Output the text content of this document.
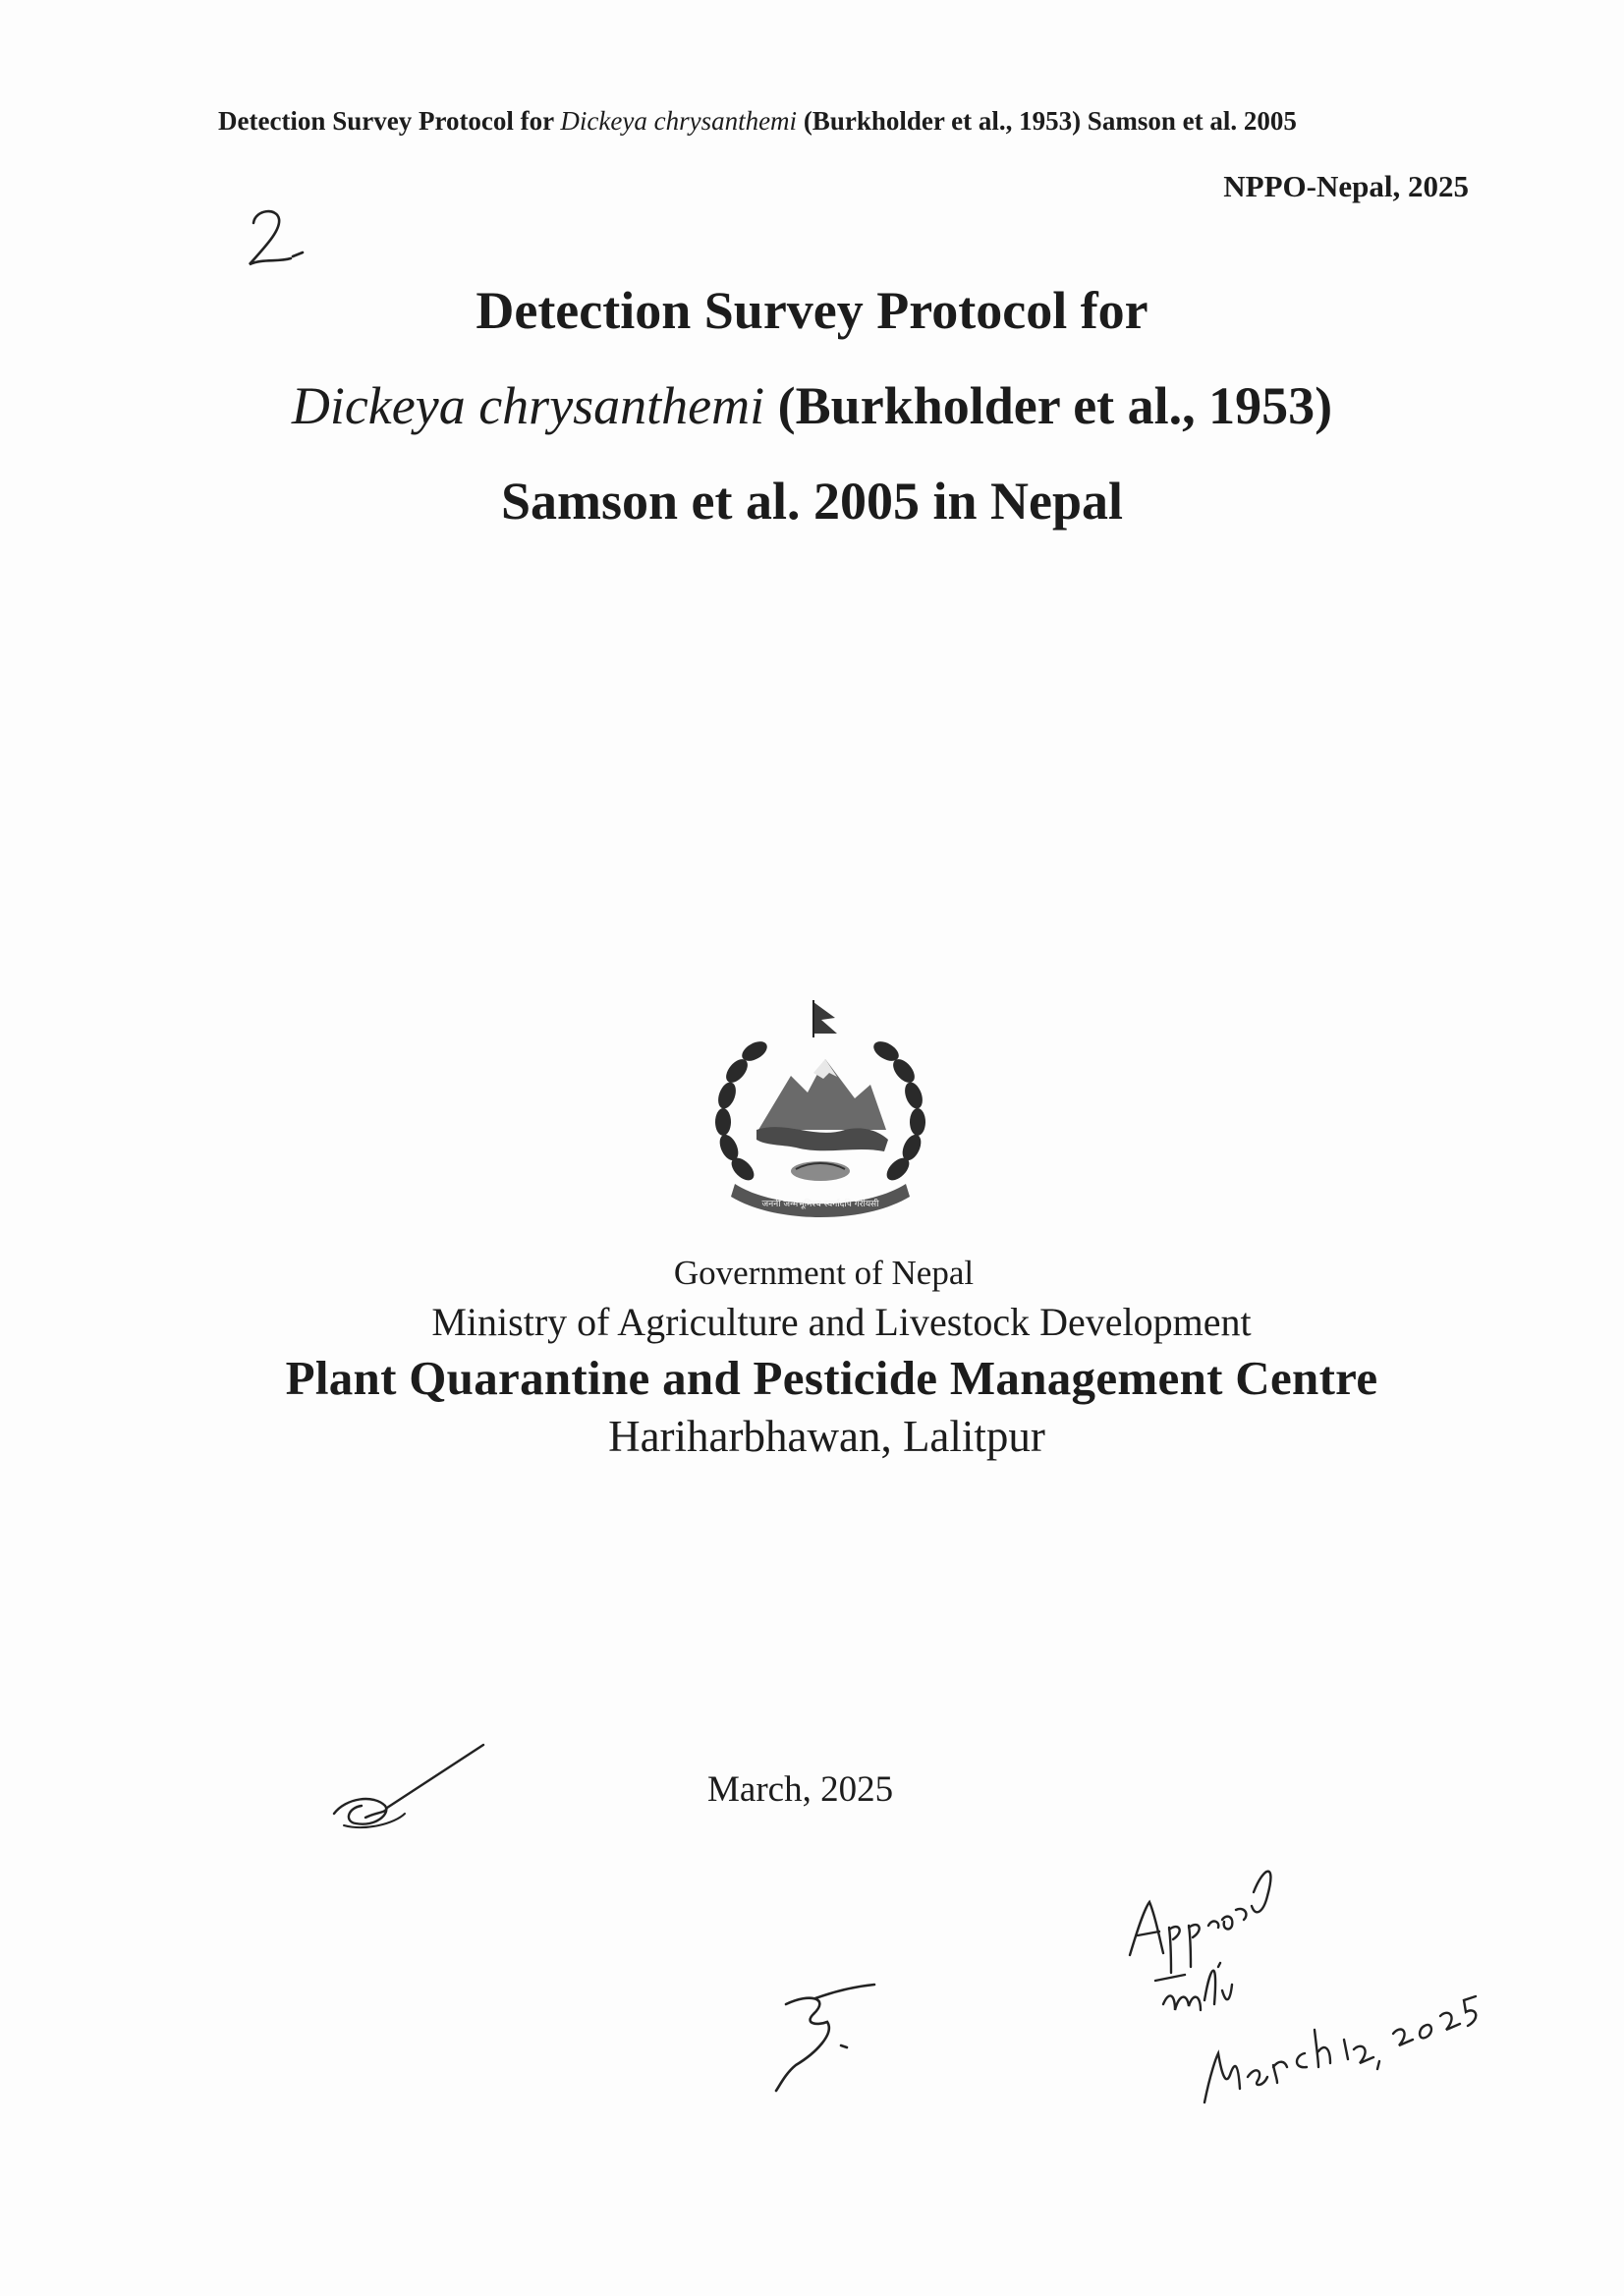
Detection Survey Protocol for Dickeya chrysanthemi (Burkholder et al., 1953) Samson et al. 2005
NPPO-Nepal, 2025
Detection Survey Protocol for
Dickeya chrysanthemi (Burkholder et al., 1953)
Samson et al. 2005 in Nepal
जननी जन्मभूमिश्च स्वर्गादपि गरीयसी
Government of Nepal
Ministry of Agriculture and Livestock Development
Plant Quarantine and Pesticide Management Centre
Hariharbhawan, Lalitpur
March, 2025
